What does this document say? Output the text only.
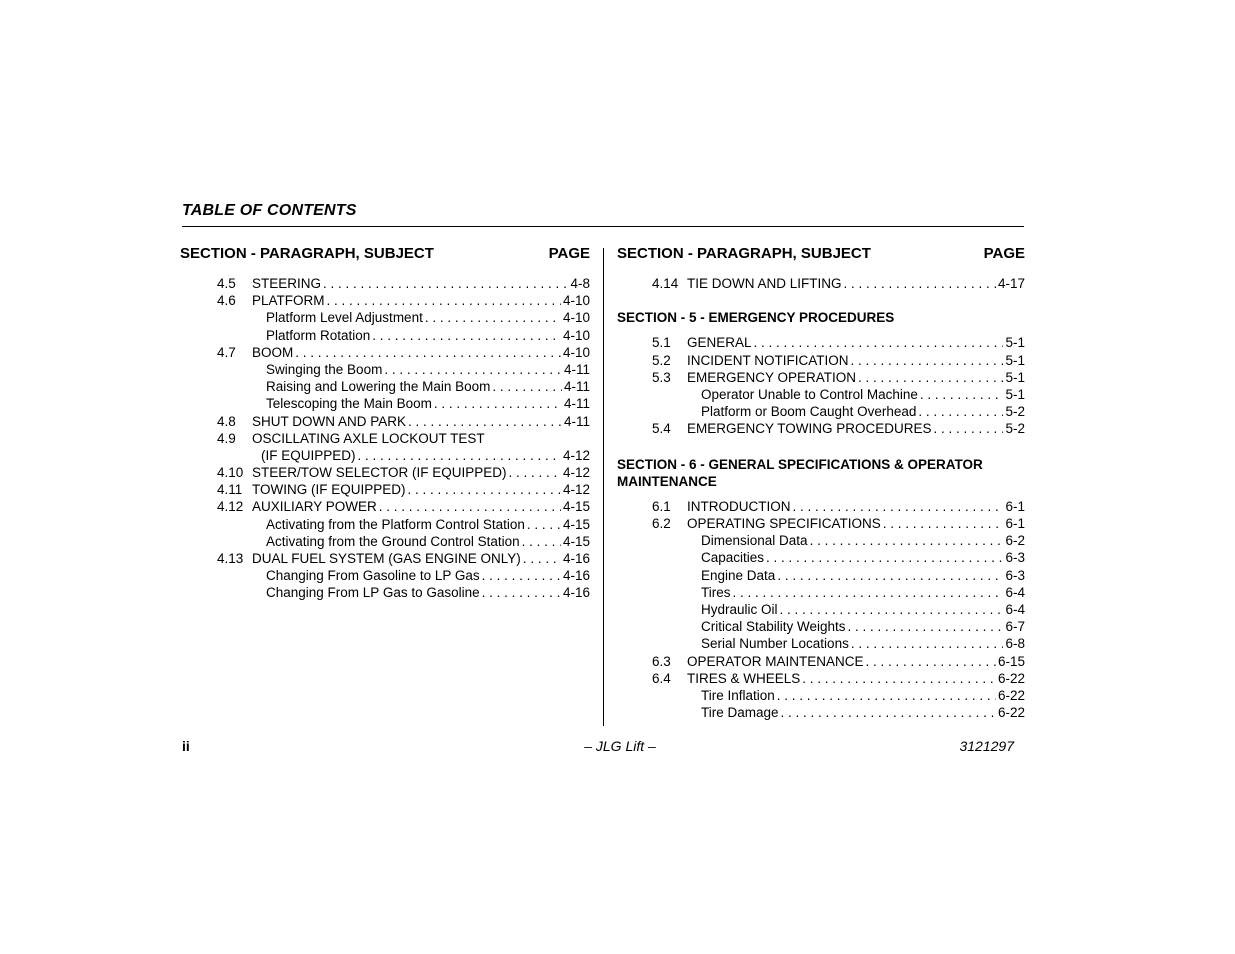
TABLE OF CONTENTS
SECTION - PARAGRAPH, SUBJECT	PAGE
4.5 STEERING . . .	4-8
4.6 PLATFORM . . .	4-10
Platform Level Adjustment . . .	4-10
Platform Rotation . . .	4-10
4.7 BOOM . . .	4-10
Swinging the Boom . . .	4-11
Raising and Lowering the Main Boom . . .	4-11
Telescoping the Main Boom . . .	4-11
4.8 SHUT DOWN AND PARK . . .	4-11
4.9 OSCILLATING AXLE LOCKOUT TEST
(IF EQUIPPED) . . .	4-12
4.10 STEER/TOW SELECTOR (IF EQUIPPED) . . .	4-12
4.11 TOWING (IF EQUIPPED) . . .	4-12
4.12 AUXILIARY POWER . . .	4-15
Activating from the Platform Control Station . . .	4-15
Activating from the Ground Control Station . . .	4-15
4.13 DUAL FUEL SYSTEM (GAS ENGINE ONLY) . . .	4-16
Changing From Gasoline to LP Gas . . .	4-16
Changing From LP Gas to Gasoline . . .	4-16
SECTION - PARAGRAPH, SUBJECT	PAGE
4.14 TIE DOWN AND LIFTING . . .	4-17
SECTION - 5 - EMERGENCY PROCEDURES
5.1 GENERAL . . .	5-1
5.2 INCIDENT NOTIFICATION . . .	5-1
5.3 EMERGENCY OPERATION . . .	5-1
Operator Unable to Control Machine . . .	5-1
Platform or Boom Caught Overhead . . .	5-2
5.4 EMERGENCY TOWING PROCEDURES . . .	5-2
SECTION - 6 - GENERAL SPECIFICATIONS & OPERATOR
MAINTENANCE
6.1 INTRODUCTION . . .	6-1
6.2 OPERATING SPECIFICATIONS . . .	6-1
Dimensional Data . . .	6-2
Capacities . . .	6-3
Engine Data . . .	6-3
Tires . . .	6-4
Hydraulic Oil . . .	6-4
Critical Stability Weights . . .	6-7
Serial Number Locations . . .	6-8
6.3 OPERATOR MAINTENANCE . . .	6-15
6.4 TIRES & WHEELS . . .	6-22
Tire Inflation . . .	6-22
Tire Damage . . .	6-22
ii	– JLG Lift –	3121297
